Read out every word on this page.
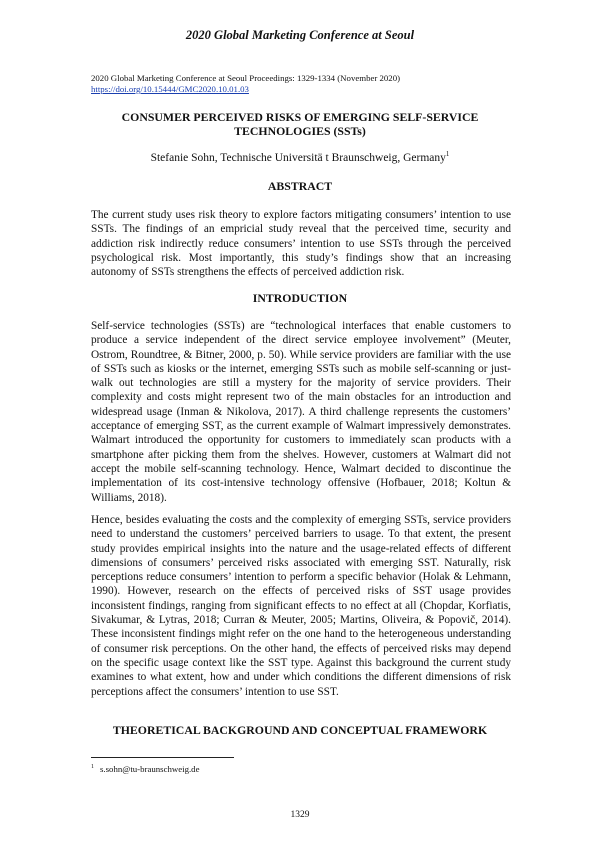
2020 Global Marketing Conference at Seoul
2020 Global Marketing Conference at Seoul Proceedings: 1329-1334 (November 2020)
https://doi.org/10.15444/GMC2020.10.01.03
CONSUMER PERCEIVED RISKS OF EMERGING SELF-SERVICE
TECHNOLOGIES (SSTs)
Stefanie Sohn, Technische Universitä t Braunschweig, Germany$^1$
ABSTRACT
The current study uses risk theory to explore factors mitigating consumers’ intention to use SSTs. The findings of an empricial study reveal that the perceived time, security and addiction risk indirectly reduce consumers’ intention to use SSTs through the perceived psychological risk. Most importantly, this study’s findings show that an increasing autonomy of SSTs strengthens the effects of perceived addiction risk.
INTRODUCTION
Self-service technologies (SSTs) are “technological interfaces that enable customers to produce a service independent of the direct service employee involvement” (Meuter, Ostrom, Roundtree, & Bitner, 2000, p. 50). While service providers are familiar with the use of SSTs such as kiosks or the internet, emerging SSTs such as mobile self-scanning or just-walk out technologies are still a mystery for the majority of service providers. Their complexity and costs might represent two of the main obstacles for an introduction and widespread usage (Inman & Nikolova, 2017). A third challenge represents the customers’ acceptance of emerging SST, as the current example of Walmart impressively demonstrates. Walmart introduced the opportunity for customers to immediately scan products with a smartphone after picking them from the shelves. However, customers at Walmart did not accept the mobile self-scanning technology. Hence, Walmart decided to discontinue the implementation of its cost-intensive technology offensive (Hofbauer, 2018; Koltun & Williams, 2018).
Hence, besides evaluating the costs and the complexity of emerging SSTs, service providers need to understand the customers’ perceived barriers to usage. To that extent, the present study provides empirical insights into the nature and the usage-related effects of different dimensions of consumers’ perceived risks associated with emerging SST. Naturally, risk perceptions reduce consumers’ intention to perform a specific behavior (Holak & Lehmann, 1990). However, research on the effects of perceived risks of SST usage provides inconsistent findings, ranging from significant effects to no effect at all (Chopdar, Korfiatis, Sivakumar, & Lytras, 2018; Curran & Meuter, 2005; Martins, Oliveira, & Popovič, 2014). These inconsistent findings might refer on the one hand to the heterogeneous understanding of consumer risk perceptions. On the other hand, the effects of perceived risks may depend on the specific usage context like the SST type. Against this background the current study examines to what extent, how and under which conditions the different dimensions of risk perceptions affect the consumers’ intention to use SST.
THEORETICAL BACKGROUND AND CONCEPTUAL FRAMEWORK
$^1$ s.sohn@tu-braunschweig.de
1329
